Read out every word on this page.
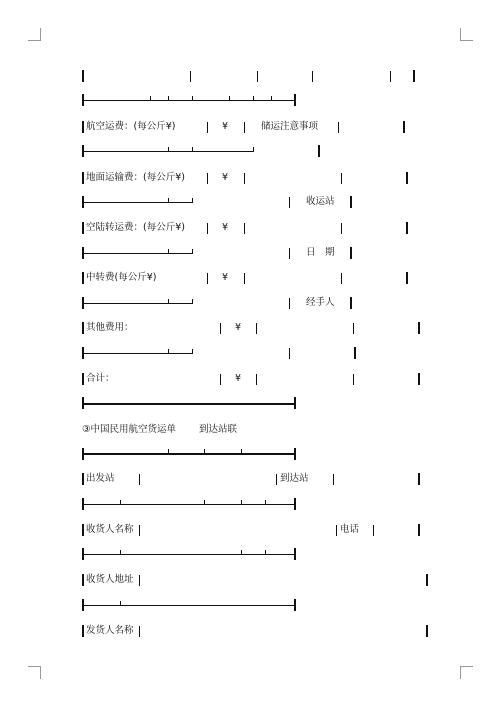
航空运费：(每公斤¥)	¥	储运注意事项
地面运输费：(每公斤¥)	¥
收运站
空陆转运费：(每公斤¥)	¥
日　期
中转费(每公斤¥)	¥
经手人
其他费用：	¥
合计：	¥
③中国民用航空货运单 到达站联
出发站	到达站
收货人名称	电话
收货人地址
发货人名称
